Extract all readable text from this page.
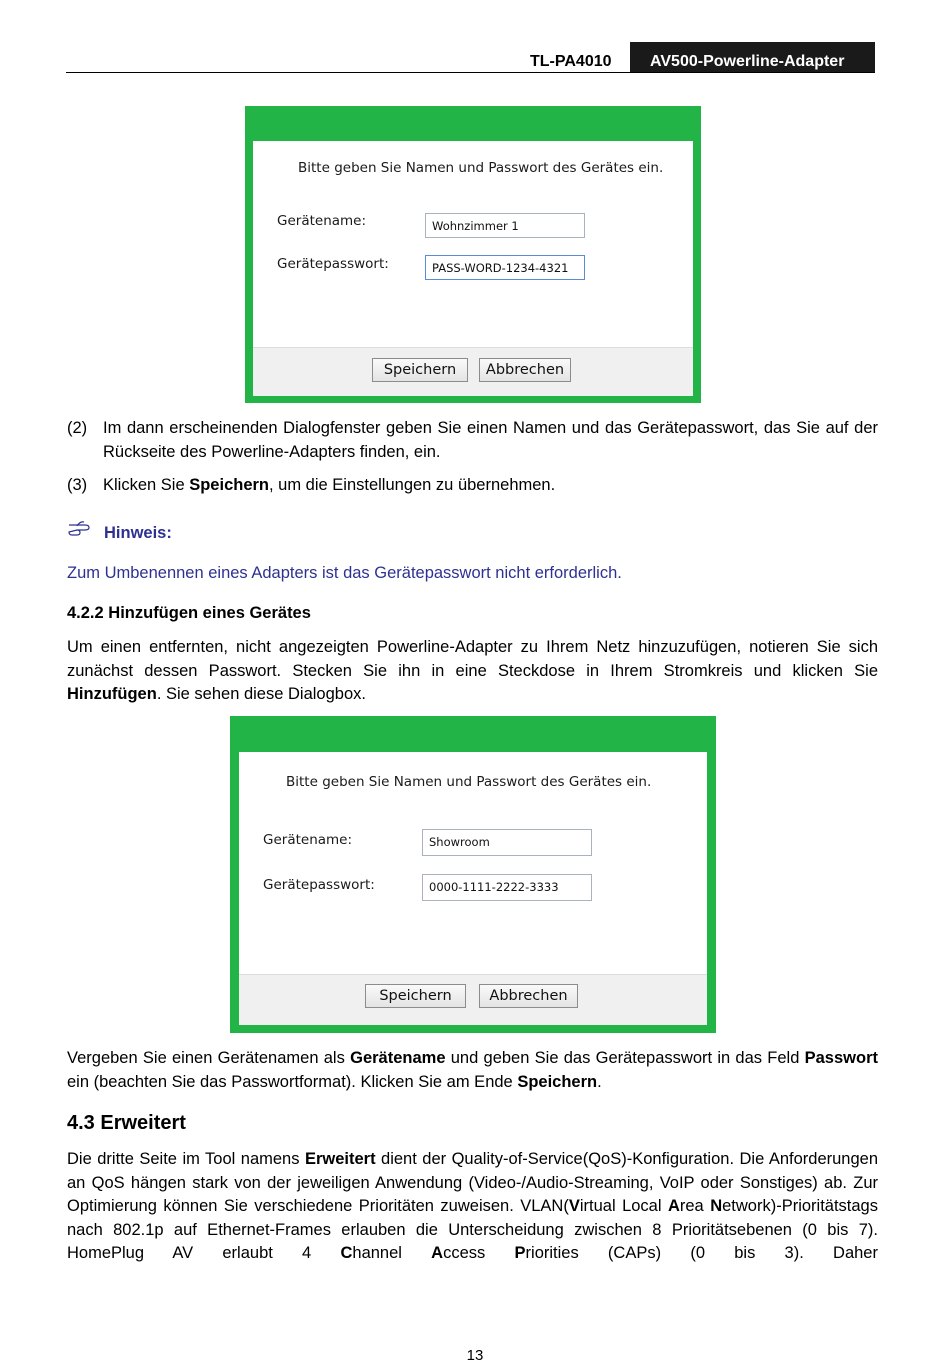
TL-PA4010 AV500-Powerline-Adapter
Bitte geben Sie Namen und Passwort des Gerätes ein.
Gerätename:	Wohnzimmer 1
Gerätepasswort:	PASS-WORD-1234-4321
Speichern	Abbrechen
(2) Im dann erscheinenden Dialogfenster geben Sie einen Namen und das Gerätepasswort, das Sie auf der Rückseite des Powerline-Adapters finden, ein.
(3) Klicken Sie Speichern, um die Einstellungen zu übernehmen.
Hinweis:
Zum Umbenennen eines Adapters ist das Gerätepasswort nicht erforderlich.
4.2.2 Hinzufügen eines Gerätes
Um einen entfernten, nicht angezeigten Powerline-Adapter zu Ihrem Netz hinzuzufügen, notieren Sie sich zunächst dessen Passwort. Stecken Sie ihn in eine Steckdose in Ihrem Stromkreis und klicken Sie Hinzufügen. Sie sehen diese Dialogbox.
Bitte geben Sie Namen und Passwort des Gerätes ein.
Gerätename:	Showroom
Gerätepasswort:	0000-1111-2222-3333
Speichern	Abbrechen
Vergeben Sie einen Gerätenamen als Gerätename und geben Sie das Gerätepasswort in das Feld Passwort ein (beachten Sie das Passwortformat). Klicken Sie am Ende Speichern.
4.3 Erweitert
Die dritte Seite im Tool namens Erweitert dient der Quality-of-Service(QoS)-Konfiguration. Die Anforderungen an QoS hängen stark von der jeweiligen Anwendung (Video-/Audio-Streaming, VoIP oder Sonstiges) ab. Zur Optimierung können Sie verschiedene Prioritäten zuweisen. VLAN(Virtual Local Area Network)-Prioritätstags nach 802.1p auf Ethernet-Frames erlauben die Unterscheidung zwischen 8 Prioritätsebenen (0 bis 7). HomePlug AV erlaubt 4 Channel Access Priorities (CAPs) (0 bis 3). Daher
13
